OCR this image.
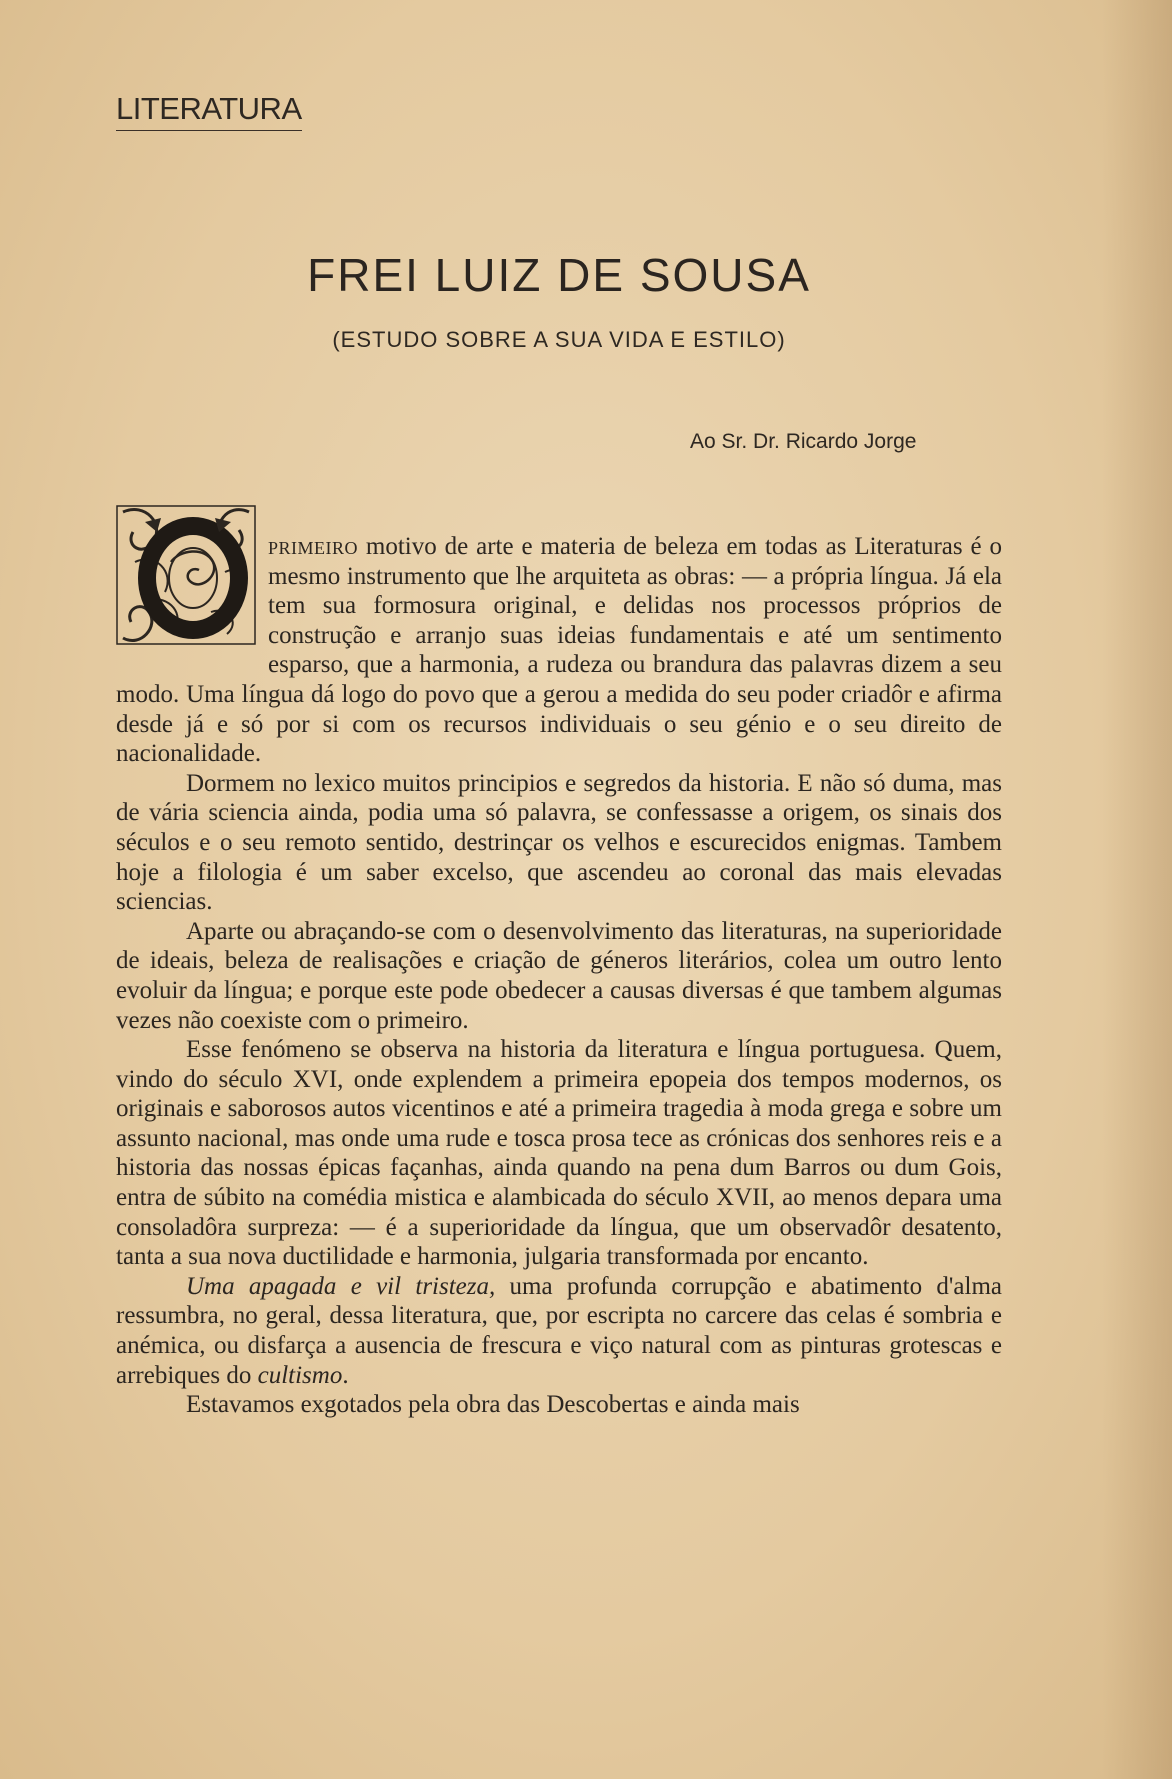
LITERATURA
FREI LUIZ DE SOUSA
(ESTUDO SOBRE A SUA VIDA E ESTILO)
Ao Sr. Dr. Ricardo Jorge

primeiro motivo de arte e materia de beleza em todas as Literaturas é o mesmo instrumento que lhe arquiteta as obras: — a própria língua. Já ela tem sua formosura original, e delidas nos processos próprios de construção e arranjo suas ideias fundamentais e até um sentimento esparso, que a harmonia, a rudeza ou brandura das palavras dizem a seu modo. Uma língua dá logo do povo que a gerou a medida do seu poder criadôr e afirma desde já e só por si com os recursos individuais o seu génio e o seu direito de nacionalidade.

Dormem no lexico muitos principios e segredos da historia. E não só duma, mas de vária sciencia ainda, podia uma só palavra, se confessasse a origem, os sinais dos séculos e o seu remoto sentido, destrinçar os velhos e escurecidos enigmas. Tambem hoje a filologia é um saber excelso, que ascendeu ao coronal das mais elevadas sciencias.

Aparte ou abraçando-se com o desenvolvimento das literaturas, na superioridade de ideais, beleza de realisações e criação de géneros literários, colea um outro lento evoluir da língua; e porque este pode obedecer a causas diversas é que tambem algumas vezes não coexiste com o primeiro.

Esse fenómeno se observa na historia da literatura e língua portuguesa. Quem, vindo do século XVI, onde explendem a primeira epopeia dos tempos modernos, os originais e saborosos autos vicentinos e até a primeira tragedia à moda grega e sobre um assunto nacional, mas onde uma rude e tosca prosa tece as crónicas dos senhores reis e a historia das nossas épicas façanhas, ainda quando na pena dum Barros ou dum Gois, entra de súbito na comédia mistica e alambicada do século XVII, ao menos depara uma consoladôra surpreza: — é a superioridade da língua, que um observadôr desatento, tanta a sua nova ductilidade e harmonia, julgaria transformada por encanto.

Uma apagada e vil tristeza, uma profunda corrupção e abatimento d'alma ressumbra, no geral, dessa literatura, que, por escripta no carcere das celas é sombria e anémica, ou disfarça a ausencia de frescura e viço natural com as pinturas grotescas e arrebiques do cultismo.

Estavamos exgotados pela obra das Descobertas e ainda mais
